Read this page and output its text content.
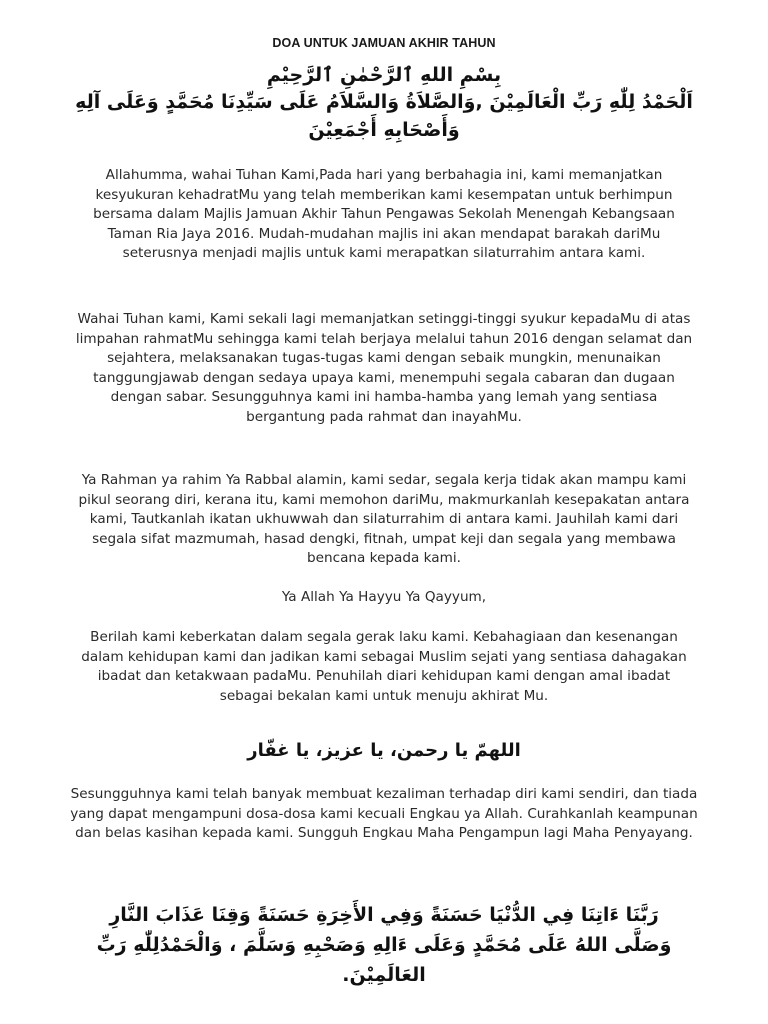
DOA UNTUK JAMUAN AKHIR TAHUN
بِسْمِ اللهِ ٱلرَّحْمٰنِ ٱلرَّحِيْمِ
اَلْحَمْدُ لِلّٰهِ رَبِّ الْعَالَمِيْنَ ,وَالصَّلاَةُ وَالسَّلاَمُ عَلَى سَيِّدِنَا مُحَمَّدٍ وَعَلَى آلِهِ وَأَصْحَابِهِ أَجْمَعِيْنَ

Allahumma, wahai Tuhan Kami,Pada hari yang berbahagia ini, kami memanjatkan kesyukuran kehadratMu yang telah memberikan kami kesempatan untuk berhimpun bersama dalam Majlis Jamuan Akhir Tahun Pengawas Sekolah Menengah Kebangsaan Taman Ria Jaya 2016. Mudah-mudahan majlis ini akan mendapat barakah dariMu seterusnya menjadi majlis untuk kami merapatkan silaturrahim antara kami.

Wahai Tuhan kami, Kami sekali lagi memanjatkan setinggi-tinggi syukur kepadaMu di atas limpahan rahmatMu sehingga kami telah berjaya melalui tahun 2016 dengan selamat dan sejahtera, melaksanakan tugas-tugas kami dengan sebaik mungkin, menunaikan tanggungjawab dengan sedaya upaya kami, menempuhi segala cabaran dan dugaan dengan sabar. Sesungguhnya kami ini hamba-hamba yang lemah yang sentiasa bergantung pada rahmat dan inayahMu.

Ya Rahman ya rahim Ya Rabbal alamin, kami sedar, segala kerja tidak akan mampu kami pikul seorang diri, kerana itu, kami memohon dariMu, makmurkanlah kesepakatan antara kami, Tautkanlah ikatan ukhuwwah dan silaturrahim di antara kami. Jauhilah kami dari segala sifat mazmumah, hasad dengki, fitnah, umpat keji dan segala yang membawa bencana kepada kami.

Ya Allah Ya Hayyu Ya Qayyum,

Berilah kami keberkatan dalam segala gerak laku kami. Kebahagiaan dan kesenangan dalam kehidupan kami dan jadikan kami sebagai Muslim sejati yang sentiasa dahagakan ibadat dan ketakwaan padaMu. Penuhilah diari kehidupan kami dengan amal ibadat sebagai bekalan kami untuk menuju akhirat Mu.

اللهمّ يا رحمن، يا عزيز، يا غفّار

Sesungguhnya kami telah banyak membuat kezaliman terhadap diri kami sendiri, dan tiada yang dapat mengampuni dosa-dosa kami kecuali Engkau ya Allah. Curahkanlah keampunan dan belas kasihan kepada kami. Sungguh Engkau Maha Pengampun lagi Maha Penyayang.

رَبَّنَا ءَاتِنَا فِي الدُّنْيَا حَسَنَةً وَفِي الأَخِرَةِ حَسَنَةً وَقِنَا عَذَابَ النَّارِ
وَصَلَّى اللهُ عَلَى مُحَمَّدٍ وَعَلَى ءَالِهِ وَصَحْبِهِ وَسَلَّمَ ، وَالْحَمْدُلِلّٰهِ رَبِّ العَالَمِيْنَ.
